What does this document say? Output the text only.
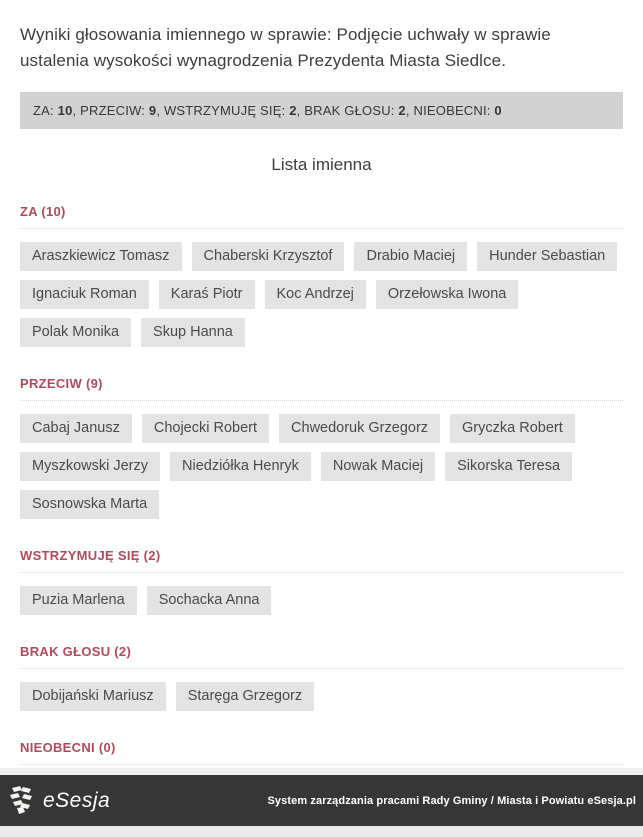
Wyniki głosowania imiennego w sprawie: Podjęcie uchwały w sprawie ustalenia wysokości wynagrodzenia Prezydenta Miasta Siedlce.
ZA: 10, PRZECIW: 9, WSTRZYMUJĘ SIĘ: 2, BRAK GŁOSU: 2, NIEOBECNI: 0
Lista imienna
ZA (10)
Araszkiewicz Tomasz	Chaberski Krzysztof	Drabio Maciej	Hunder Sebastian
Ignaciuk Roman	Karaś Piotr	Koc Andrzej	Orzełowska Iwona
Polak Monika	Skup Hanna
PRZECIW (9)
Cabaj Janusz	Chojecki Robert	Chwedoruk Grzegorz	Gryczka Robert
Myszkowski Jerzy	Niedziółka Henryk	Nowak Maciej	Sikorska Teresa
Sosnowska Marta
WSTRZYMUJĘ SIĘ (2)
Puzia Marlena	Sochacka Anna
BRAK GŁOSU (2)
Dobijański Mariusz	Staręga Grzegorz
NIEOBECNI (0)
eSesja	System zarządzania pracami Rady Gminy / Miasta i Powiatu eSesja.pl
